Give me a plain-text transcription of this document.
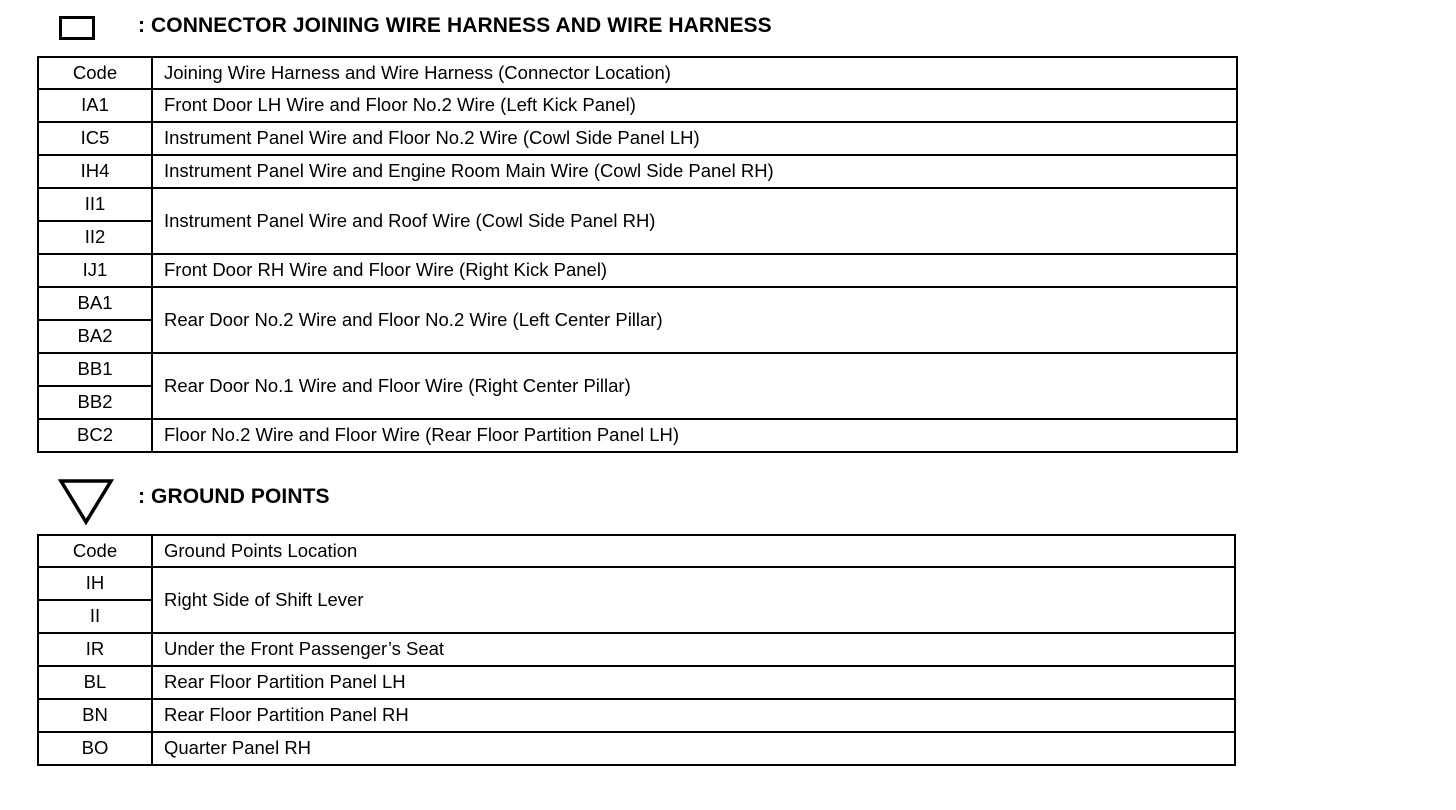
: CONNECTOR JOINING WIRE HARNESS AND WIRE HARNESS
Code	Joining Wire Harness and Wire Harness (Connector Location)
IA1	Front Door LH Wire and Floor No.2 Wire (Left Kick Panel)
IC5	Instrument Panel Wire and Floor No.2 Wire (Cowl Side Panel LH)
IH4	Instrument Panel Wire and Engine Room Main Wire (Cowl Side Panel RH)
II1	Instrument Panel Wire and Roof Wire (Cowl Side Panel RH)
II2	
IJ1	Front Door RH Wire and Floor Wire (Right Kick Panel)
BA1	Rear Door No.2 Wire and Floor No.2 Wire (Left Center Pillar)
BA2	
BB1	Rear Door No.1 Wire and Floor Wire (Right Center Pillar)
BB2	
BC2	Floor No.2 Wire and Floor Wire (Rear Floor Partition Panel LH)
: GROUND POINTS
Code	Ground Points Location
IH	Right Side of Shift Lever
II	
IR	Under the Front Passenger’s Seat
BL	Rear Floor Partition Panel LH
BN	Rear Floor Partition Panel RH
BO	Quarter Panel RH
